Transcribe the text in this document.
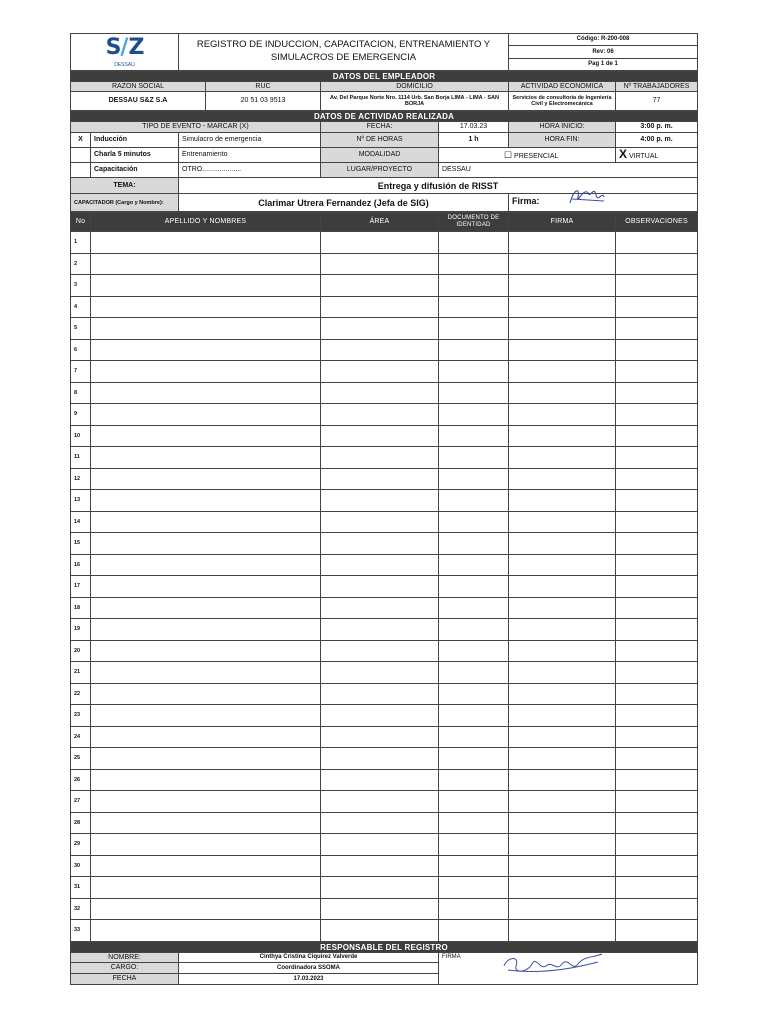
S/Z
DESSAU	REGISTRO DE INDUCCION, CAPACITACION, ENTRENAMIENTO Y SIMULACROS DE EMERGENCIA	Código: R-200-008
Rev: 06
Pag 1 de 1
DATOS DEL EMPLEADOR				
RAZON SOCIAL	RUC	DOMICILIO	ACTIVIDAD ECONÓMICA	Nº TRABAJADORES
DESSAU S&Z S.A	20 51 03 9513	Av. Del Parque Norte Nro. 1114 Urb. San Borja LIMA - LIMA - SAN BORJA	Servicios de consultoría de Ingeniería Civil y Electromecánica	77
DATOS DE ACTIVIDAD REALIZADA						
TIPO DE EVENTO - MARCAR (X)			FECHA:	17.03.23	HORA INICIO:	3:00 p. m.
X	Inducción	Simulacro de emergencia	Nº DE HORAS	1 h	HORA FIN:	4:00 p. m.
	Charla 5 minutos	Entrenamiento	MODALIDAD	☐ PRESENCIAL		X VIRTUAL
	Capacitación	OTRO....................	LUGAR/PROYECTO	DESSAU		
TEMA:		Entrega y difusión de RISST				
CAPACITADOR (Cargo y Nombre):		Clarimar Utrera Fernandez (Jefa de SIG)			Firma:	
No	APELLIDO Y NOMBRES	ÁREA	DOCUMENTO DE IDENTIDAD	FIRMA	OBSERVACIONES
1					
2					
3					
4					
5					
6					
7					
8					
9					
10					
11					
12					
13					
14					
15					
16					
17					
18					
19					
20					
21					
22					
23					
24					
25					
26					
27					
28					
29					
30					
31					
32					
33					
RESPONSABLE DEL REGISTRO		
NOMBRE:	Cinthya Cristina Ciquirez Valverde	FIRMA
CARGO:	Coordinadora SSOMA	
FECHA	17.03.2023	
